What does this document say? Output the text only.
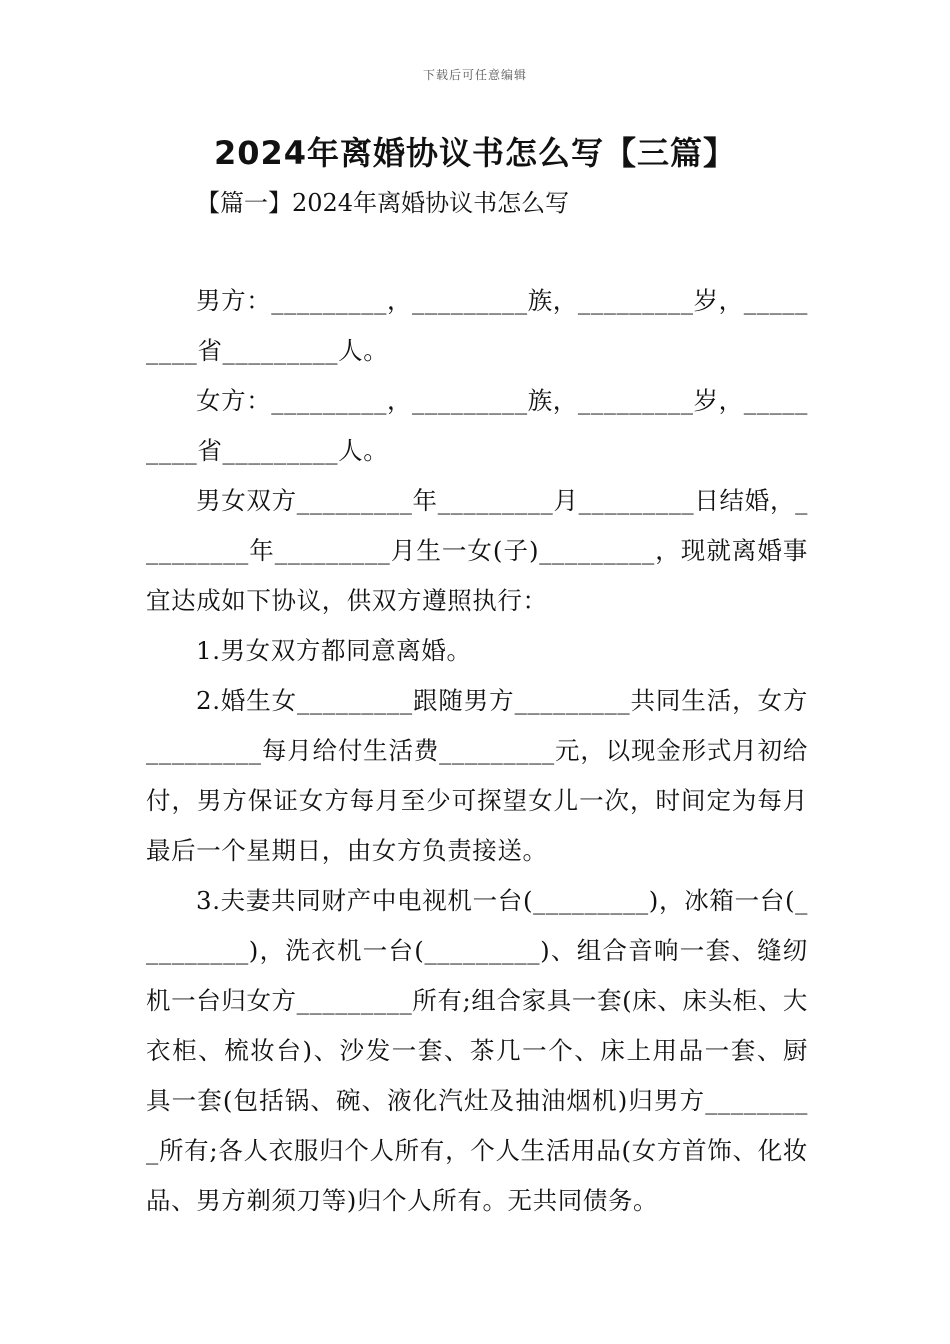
下载后可任意编辑
2024年离婚协议书怎么写【三篇】
【篇一】2024年离婚协议书怎么写

男方：_________，_________族，_________岁，_________省_________人。

女方：_________，_________族，_________岁，_________省_________人。

男女双方_________年_________月_________日结婚，_________年_________月生一女(子)_________，现就离婚事宜达成如下协议，供双方遵照执行：

1.男女双方都同意离婚。

2.婚生女_________跟随男方_________共同生活，女方_________每月给付生活费_________元，以现金形式月初给付，男方保证女方每月至少可探望女儿一次，时间定为每月最后一个星期日，由女方负责接送。

3.夫妻共同财产中电视机一台(_________)，冰箱一台(_________)，洗衣机一台(_________)、组合音响一套、缝纫机一台归女方_________所有;组合家具一套(床、床头柜、大衣柜、梳妆台)、沙发一套、茶几一个、床上用品一套、厨具一套(包括锅、碗、液化汽灶及抽油烟机)归男方_________所有;各人衣服归个人所有，个人生活用品(女方首饰、化妆品、男方剃须刀等)归个人所有。无共同债务。
